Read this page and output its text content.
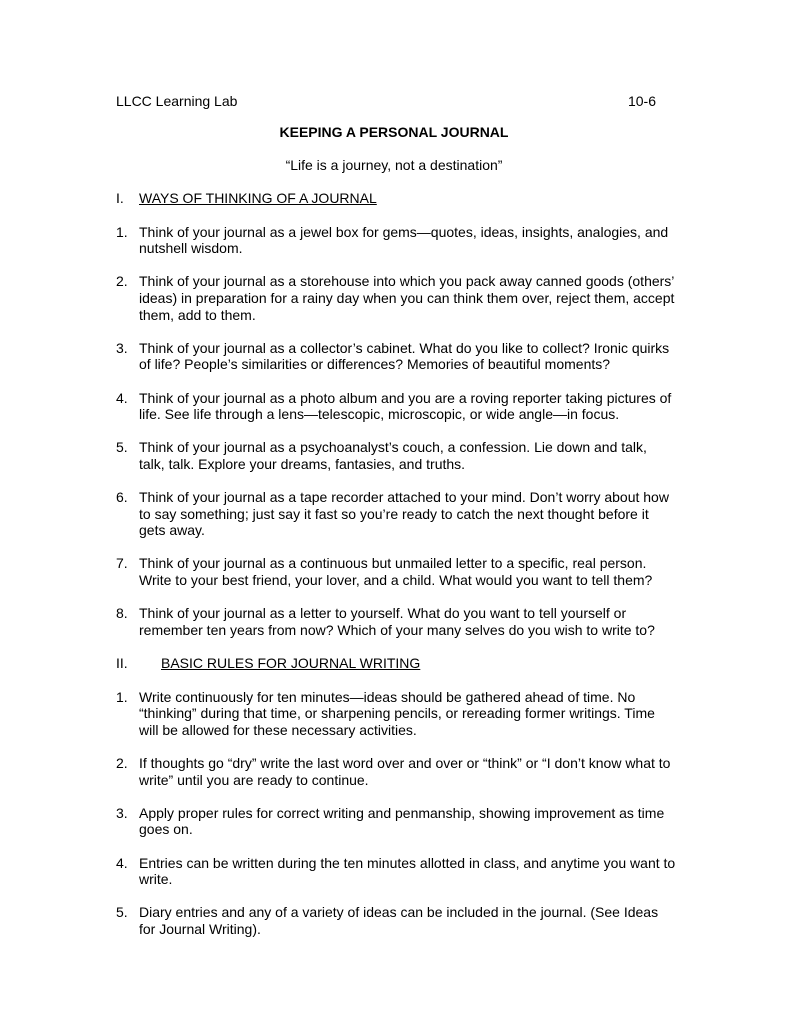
LLCC Learning Lab	10-6
KEEPING A PERSONAL JOURNAL
“Life is a journey, not a destination”
I.	WAYS OF THINKING OF A JOURNAL
1. Think of your journal as a jewel box for gems—quotes, ideas, insights, analogies, and nutshell wisdom.
2. Think of your journal as a storehouse into which you pack away canned goods (others’ ideas) in preparation for a rainy day when you can think them over, reject them, accept them, add to them.
3. Think of your journal as a collector’s cabinet. What do you like to collect? Ironic quirks of life? People’s similarities or differences? Memories of beautiful moments?
4. Think of your journal as a photo album and you are a roving reporter taking pictures of life. See life through a lens—telescopic, microscopic, or wide angle—in focus.
5. Think of your journal as a psychoanalyst’s couch, a confession. Lie down and talk, talk, talk. Explore your dreams, fantasies, and truths.
6. Think of your journal as a tape recorder attached to your mind. Don’t worry about how to say something; just say it fast so you’re ready to catch the next thought before it gets away.
7. Think of your journal as a continuous but unmailed letter to a specific, real person. Write to your best friend, your lover, and a child. What would you want to tell them?
8. Think of your journal as a letter to yourself. What do you want to tell yourself or remember ten years from now? Which of your many selves do you wish to write to?
II.	BASIC RULES FOR JOURNAL WRITING
1. Write continuously for ten minutes—ideas should be gathered ahead of time. No “thinking” during that time, or sharpening pencils, or rereading former writings. Time will be allowed for these necessary activities.
2. If thoughts go “dry” write the last word over and over or “think” or “I don’t know what to write” until you are ready to continue.
3. Apply proper rules for correct writing and penmanship, showing improvement as time goes on.
4. Entries can be written during the ten minutes allotted in class, and anytime you want to write.
5. Diary entries and any of a variety of ideas can be included in the journal. (See Ideas for Journal Writing).
